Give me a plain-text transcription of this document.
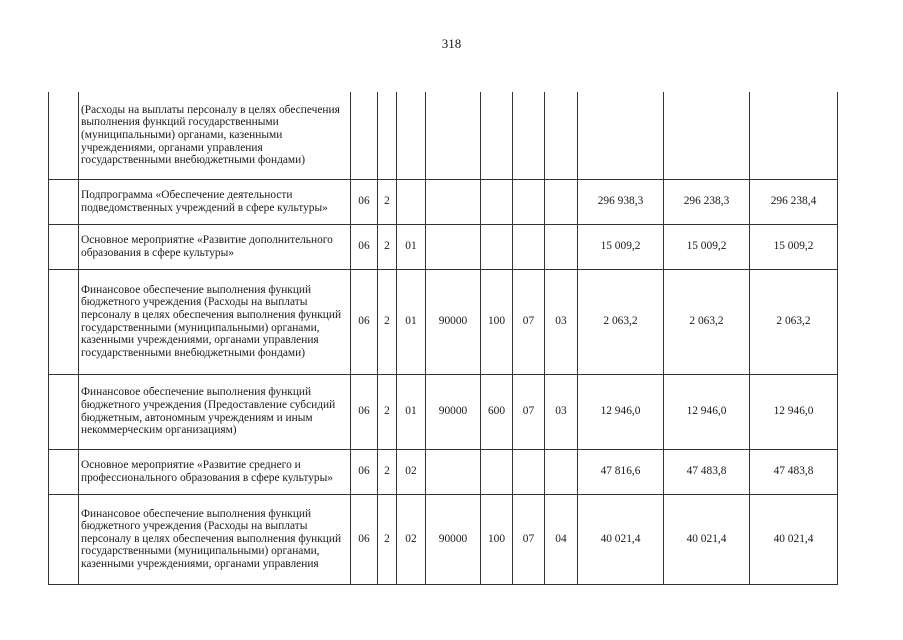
318
	(Расходы на выплаты персоналу в целях обеспечения выполнения функций государственными (муниципальными) органами, казенными учреждениями, органами управления государственными внебюджетными фондами)										
	Подпрограмма «Обеспечение деятельности подведомственных учреждений в сфере культуры»	06	2						296 938,3	296 238,3	296 238,4
	Основное мероприятие «Развитие дополнительного образования в сфере культуры»	06	2	01					15 009,2	15 009,2	15 009,2
	Финансовое обеспечение выполнения функций бюджетного учреждения (Расходы на выплаты персоналу в целях обеспечения выполнения функций государственными (муниципальными) органами, казенными учреждениями, органами управления государственными внебюджетными фондами)	06	2	01	90000	100	07	03	2 063,2	2 063,2	2 063,2
	Финансовое обеспечение выполнения функций бюджетного учреждения (Предоставление субсидий бюджетным, автономным учреждениям и иным некоммерческим организациям)	06	2	01	90000	600	07	03	12 946,0	12 946,0	12 946,0
	Основное мероприятие «Развитие среднего и профессионального образования в сфере культуры»	06	2	02					47 816,6	47 483,8	47 483,8
	Финансовое обеспечение выполнения функций бюджетного учреждения (Расходы на выплаты персоналу в целях обеспечения выполнения функций государственными (муниципальными) органами, казенными учреждениями, органами управления	06	2	02	90000	100	07	04	40 021,4	40 021,4	40 021,4
